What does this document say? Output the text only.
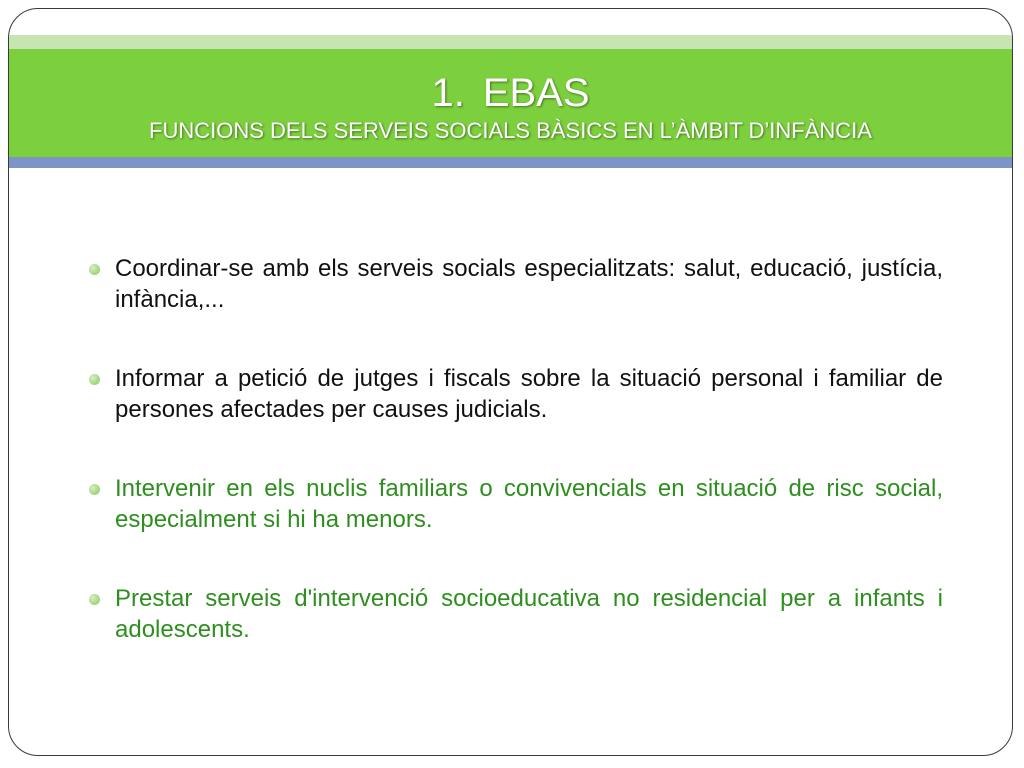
1. EBAS
FUNCIONS DELS SERVEIS SOCIALS BÀSICS EN L’ÀMBIT D’INFÀNCIA
Coordinar-se amb els serveis socials especialitzats: salut, educació, justícia, infància,...
Informar a petició de jutges i fiscals sobre la situació personal i familiar de persones afectades per causes judicials.
Intervenir en els nuclis familiars o convivencials en situació de risc social, especialment si hi ha menors.
Prestar serveis d'intervenció socioeducativa no residencial per a infants i adolescents.
